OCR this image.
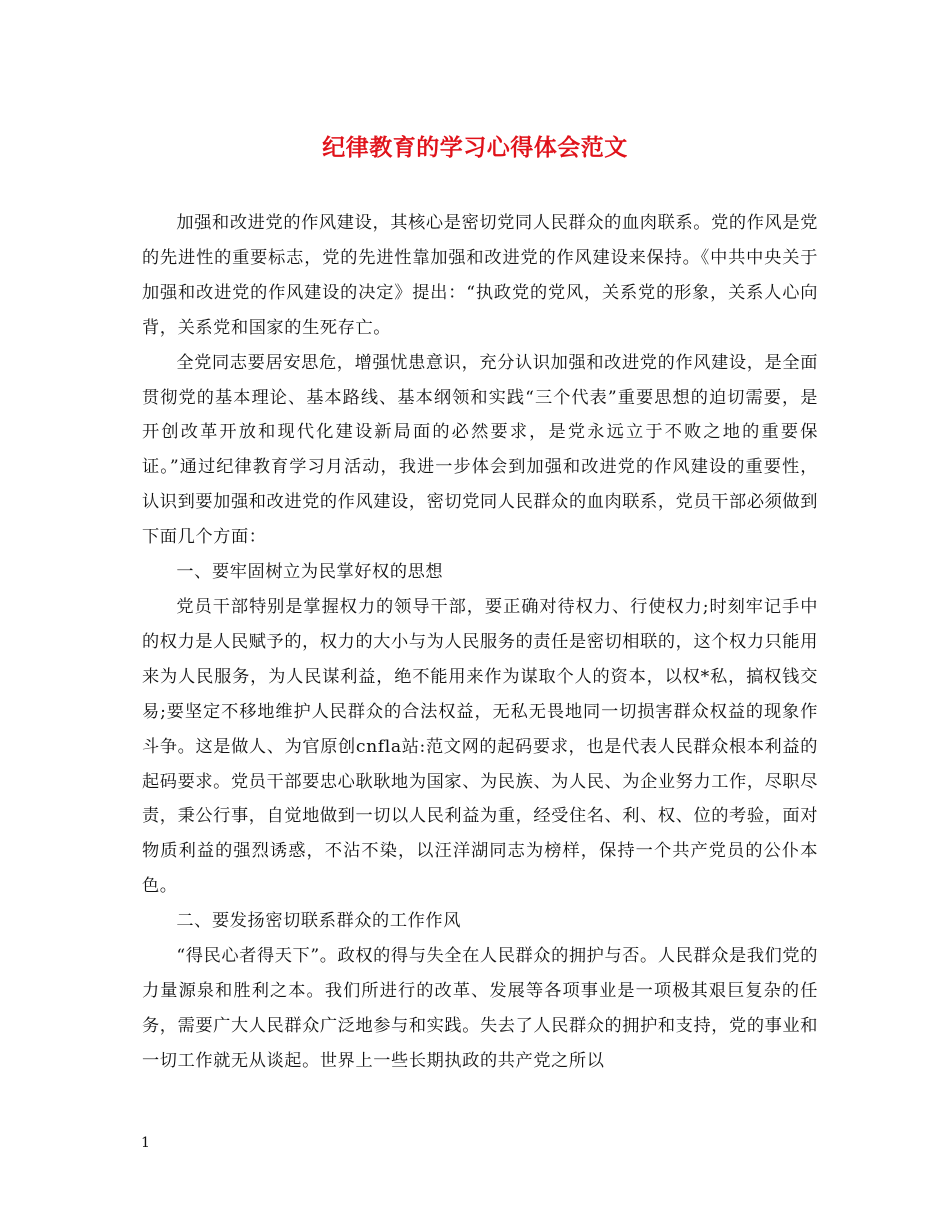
纪律教育的学习心得体会范文

加强和改进党的作风建设，其核心是密切党同人民群众的血肉联系。党的作风是党的先进性的重要标志，党的先进性靠加强和改进党的作风建设来保持。《中共中央关于加强和改进党的作风建设的决定》提出：“执政党的党风，关系党的形象，关系人心向背，关系党和国家的生死存亡。

全党同志要居安思危，增强忧患意识，充分认识加强和改进党的作风建设，是全面贯彻党的基本理论、基本路线、基本纲领和实践“三个代表”重要思想的迫切需要，是开创改革开放和现代化建设新局面的必然要求，是党永远立于不败之地的重要保证。”通过纪律教育学习月活动，我进一步体会到加强和改进党的作风建设的重要性，认识到要加强和改进党的作风建设，密切党同人民群众的血肉联系，党员干部必须做到下面几个方面：

一、要牢固树立为民掌好权的思想

党员干部特别是掌握权力的领导干部，要正确对待权力、行使权力;时刻牢记手中的权力是人民赋予的，权力的大小与为人民服务的责任是密切相联的，这个权力只能用来为人民服务，为人民谋利益，绝不能用来作为谋取个人的资本，以权*私，搞权钱交易;要坚定不移地维护人民群众的合法权益，无私无畏地同一切损害群众权益的现象作斗争。这是做人、为官原创cnfla站:范文网的起码要求，也是代表人民群众根本利益的起码要求。党员干部要忠心耿耿地为国家、为民族、为人民、为企业努力工作，尽职尽责，秉公行事，自觉地做到一切以人民利益为重，经受住名、利、权、位的考验，面对物质利益的强烈诱惑，不沾不染，以汪洋湖同志为榜样，保持一个共产党员的公仆本色。

二、要发扬密切联系群众的工作作风

“得民心者得天下”。政权的得与失全在人民群众的拥护与否。人民群众是我们党的力量源泉和胜利之本。我们所进行的改革、发展等各项事业是一项极其艰巨复杂的任务，需要广大人民群众广泛地参与和实践。失去了人民群众的拥护和支持，党的事业和一切工作就无从谈起。世界上一些长期执政的共产党之所以

1
